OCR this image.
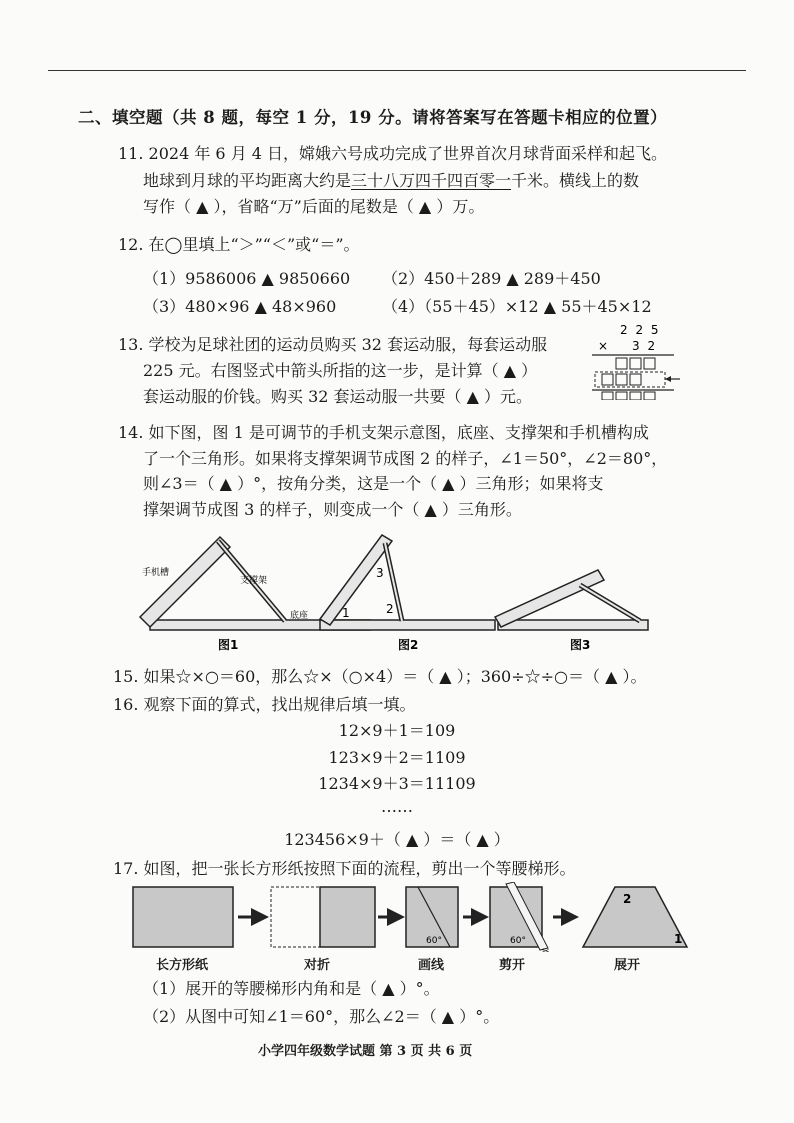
二、填空题（共 8 题，每空 1 分，19 分。请将答案写在答题卡相应的位置）
11. 2024 年 6 月 4 日，嫦娥六号成功完成了世界首次月球背面采样和起飞。
地球到月球的平均距离大约是三十八万四千四百零一千米。横线上的数
写作（ ▲ ），省略“万”后面的尾数是（ ▲ ）万。
12. 在◯里填上“＞”“＜”或“＝”。
（1）9586006 ▲ 9850660 （2）450＋289 ▲ 289＋450
（3）480×96 ▲ 48×960	（4）（55＋45）×12 ▲ 55＋45×12
13. 学校为足球社团的运动员购买 32 套运动服，每套运动服
225 元。右图竖式中箭头所指的这一步，是计算（ ▲ ）
套运动服的价钱。购买 32 套运动服一共要（ ▲ ）元。
2 2 5
× 3 2
14. 如下图，图 1 是可调节的手机支架示意图，底座、支撑架和手机槽构成
了一个三角形。如果将支撑架调节成图 2 的样子，∠1＝50°，∠2＝80°，
则∠3＝（ ▲ ）°，按角分类，这是一个（ ▲ ）三角形；如果将支
撑架调节成图 3 的样子，则变成一个（ ▲ ）三角形。
手机槽
支撑架
底座
图1
1	2
3
图2	图3
15. 如果☆×○＝60，那么☆×（○×4）＝（ ▲ ）；360÷☆÷○＝（ ▲ ）。
16. 观察下面的算式，找出规律后填一填。
12×9＋1＝109
123×9＋2＝1109
1234×9＋3＝11109
……
123456×9＋（ ▲ ）＝（ ▲ ）
17. 如图，把一张长方形纸按照下面的流程，剪出一个等腰梯形。
60°	60°
✂
2
1
长方形纸	对折	画线	剪开	展开
（1）展开的等腰梯形内角和是（ ▲ ）°。
（2）从图中可知∠1＝60°，那么∠2＝（ ▲ ）°。
小学四年级数学试题 第 3 页 共 6 页
